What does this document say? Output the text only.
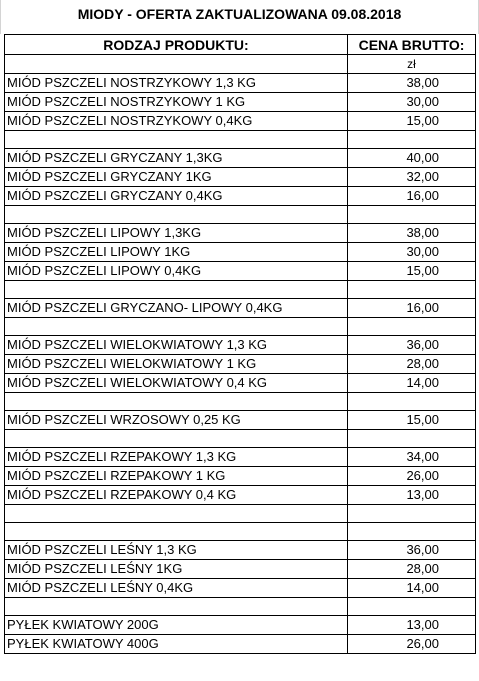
MIODY - OFERTA ZAKTUALIZOWANA 09.08.2018
RODZAJ PRODUKTU:	CENA BRUTTO:
	zł
MIÓD PSZCZELI NOSTRZYKOWY 1,3 KG	38,00
MIÓD PSZCZELI NOSTRZYKOWY 1 KG	30,00
MIÓD PSZCZELI NOSTRZYKOWY 0,4KG	15,00

MIÓD PSZCZELI GRYCZANY 1,3KG	40,00
MIÓD PSZCZELI GRYCZANY 1KG	32,00
MIÓD PSZCZELI GRYCZANY 0,4KG	16,00

MIÓD PSZCZELI LIPOWY 1,3KG	38,00
MIÓD PSZCZELI LIPOWY 1KG	30,00
MIÓD PSZCZELI LIPOWY 0,4KG	15,00

MIÓD PSZCZELI GRYCZANO- LIPOWY 0,4KG	16,00

MIÓD PSZCZELI WIELOKWIATOWY 1,3 KG	36,00
MIÓD PSZCZELI WIELOKWIATOWY 1 KG	28,00
MIÓD PSZCZELI WIELOKWIATOWY 0,4 KG	14,00

MIÓD PSZCZELI WRZOSOWY 0,25 KG	15,00

MIÓD PSZCZELI RZEPAKOWY 1,3 KG	34,00
MIÓD PSZCZELI RZEPAKOWY 1 KG	26,00
MIÓD PSZCZELI RZEPAKOWY 0,4 KG	13,00

MIÓD PSZCZELI LEŚNY 1,3 KG	36,00
MIÓD PSZCZELI LEŚNY 1KG	28,00
MIÓD PSZCZELI LEŚNY 0,4KG	14,00

PYŁEK KWIATOWY 200G	13,00
PYŁEK KWIATOWY 400G	26,00
